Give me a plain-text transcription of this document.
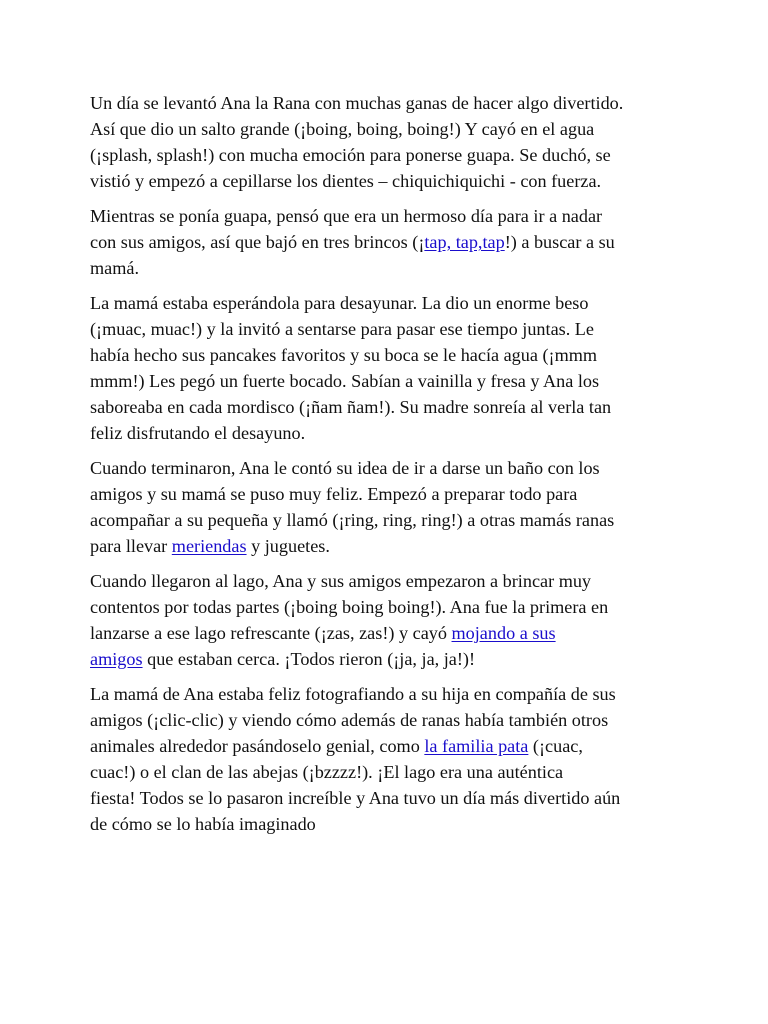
Un día se levantó Ana la Rana con muchas ganas de hacer algo divertido.
Así que dio un salto grande (¡boing, boing, boing!) Y cayó en el agua
(¡splash, splash!) con mucha emoción para ponerse guapa. Se duchó, se
vistió y empezó a cepillarse los dientes – chiquichiquichi - con fuerza.

Mientras se ponía guapa, pensó que era un hermoso día para ir a nadar
con sus amigos, así que bajó en tres brincos (¡tap, tap,tap!) a buscar a su
mamá.

La mamá estaba esperándola para desayunar. La dio un enorme beso
(¡muac, muac!) y la invitó a sentarse para pasar ese tiempo juntas. Le
había hecho sus pancakes favoritos y su boca se le hacía agua (¡mmm
mmm!) Les pegó un fuerte bocado. Sabían a vainilla y fresa y Ana los
saboreaba en cada mordisco (¡ñam ñam!). Su madre sonreía al verla tan
feliz disfrutando el desayuno.

Cuando terminaron, Ana le contó su idea de ir a darse un baño con los
amigos y su mamá se puso muy feliz. Empezó a preparar todo para
acompañar a su pequeña y llamó (¡ring, ring, ring!) a otras mamás ranas
para llevar meriendas y juguetes.

Cuando llegaron al lago, Ana y sus amigos empezaron a brincar muy
contentos por todas partes (¡boing boing boing!). Ana fue la primera en
lanzarse a ese lago refrescante (¡zas, zas!) y cayó mojando a sus
amigos que estaban cerca. ¡Todos rieron (¡ja, ja, ja!)!

La mamá de Ana estaba feliz fotografiando a su hija en compañía de sus
amigos (¡clic-clic) y viendo cómo además de ranas había también otros
animales alrededor pasándoselo genial, como la familia pata (¡cuac,
cuac!) o el clan de las abejas (¡bzzzz!). ¡El lago era una auténtica
fiesta! Todos se lo pasaron increíble y Ana tuvo un día más divertido aún
de cómo se lo había imaginado
